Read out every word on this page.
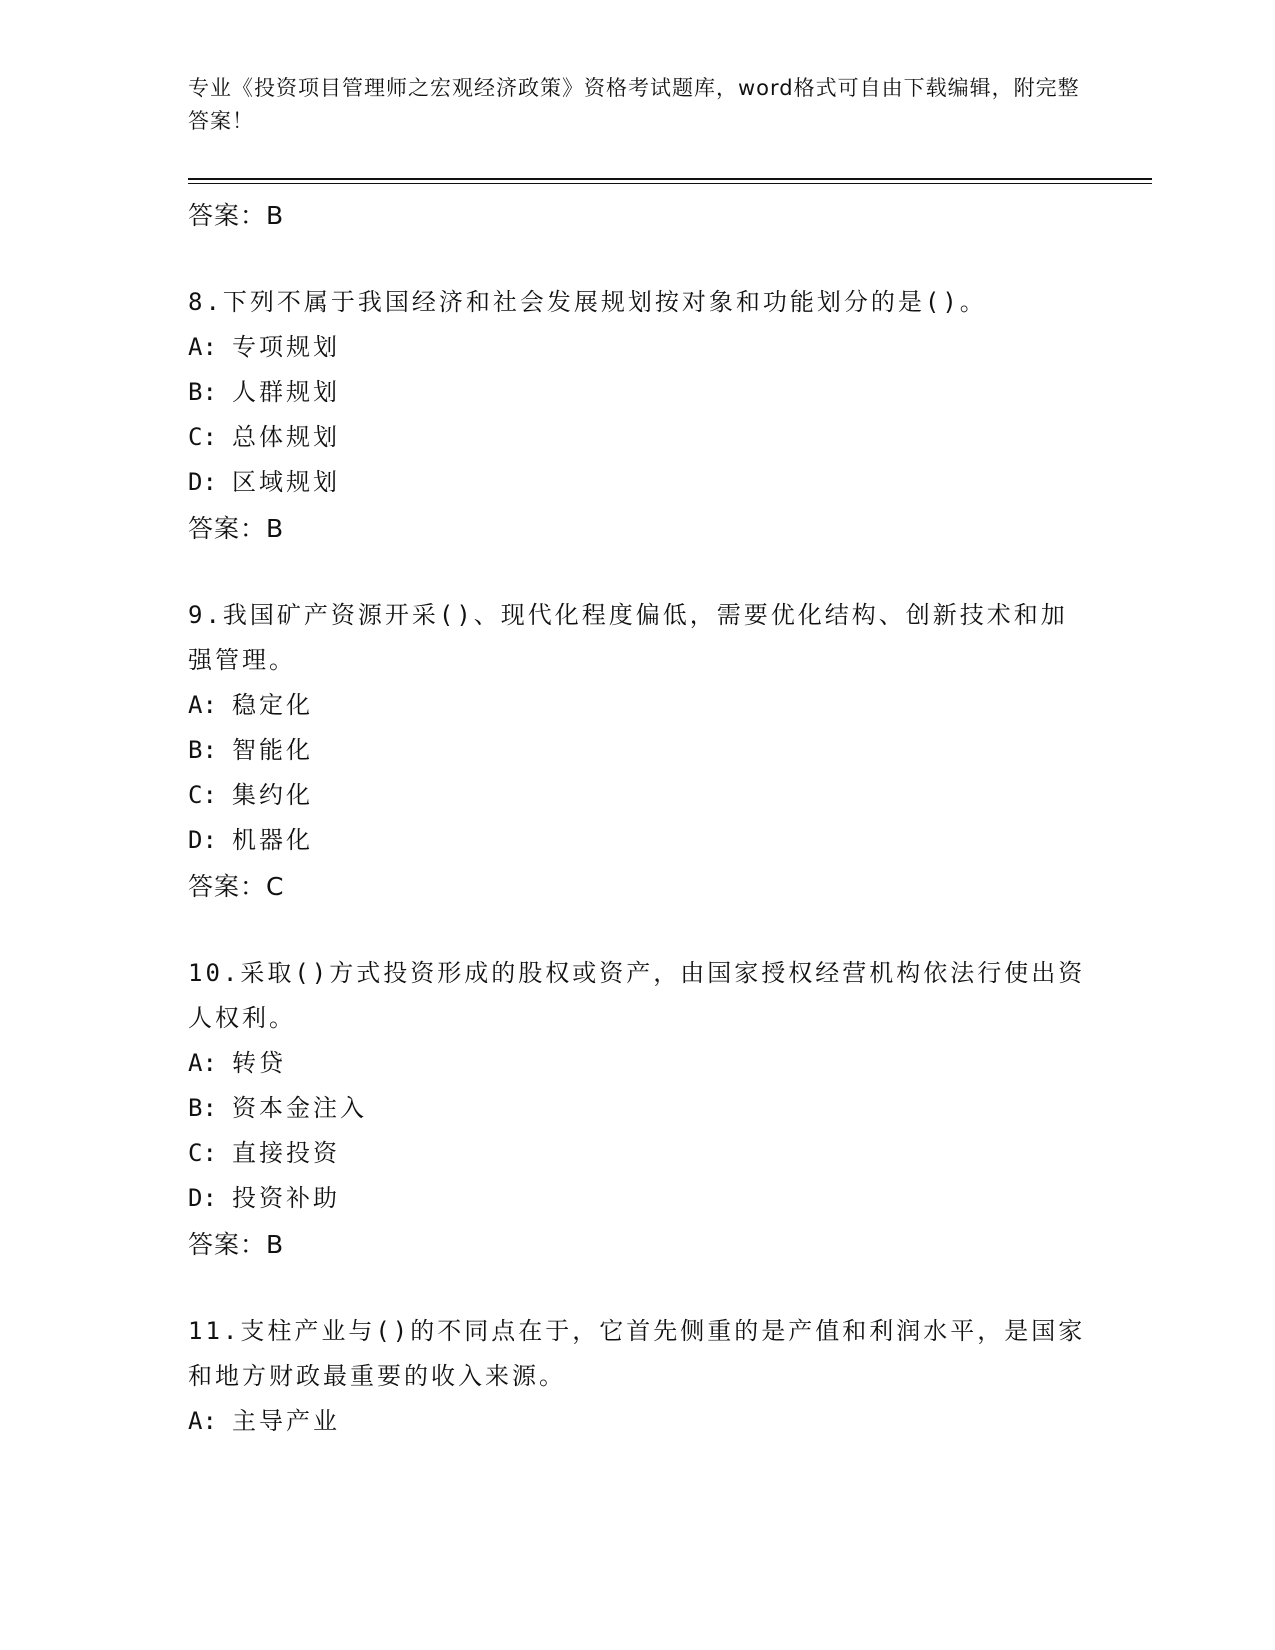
专业《投资项目管理师之宏观经济政策》资格考试题库，word格式可自由下载编辑，附完整答案！
答案：B
8.下列不属于我国经济和社会发展规划按对象和功能划分的是()。
A: 专项规划
B: 人群规划
C: 总体规划
D: 区域规划
答案：B
9.我国矿产资源开采()、现代化程度偏低，需要优化结构、创新技术和加强管理。
A: 稳定化
B: 智能化
C: 集约化
D: 机器化
答案：C
10.采取()方式投资形成的股权或资产，由国家授权经营机构依法行使出资人权利。
A: 转贷
B: 资本金注入
C: 直接投资
D: 投资补助
答案：B
11.支柱产业与()的不同点在于，它首先侧重的是产值和利润水平，是国家和地方财政最重要的收入来源。
A: 主导产业
